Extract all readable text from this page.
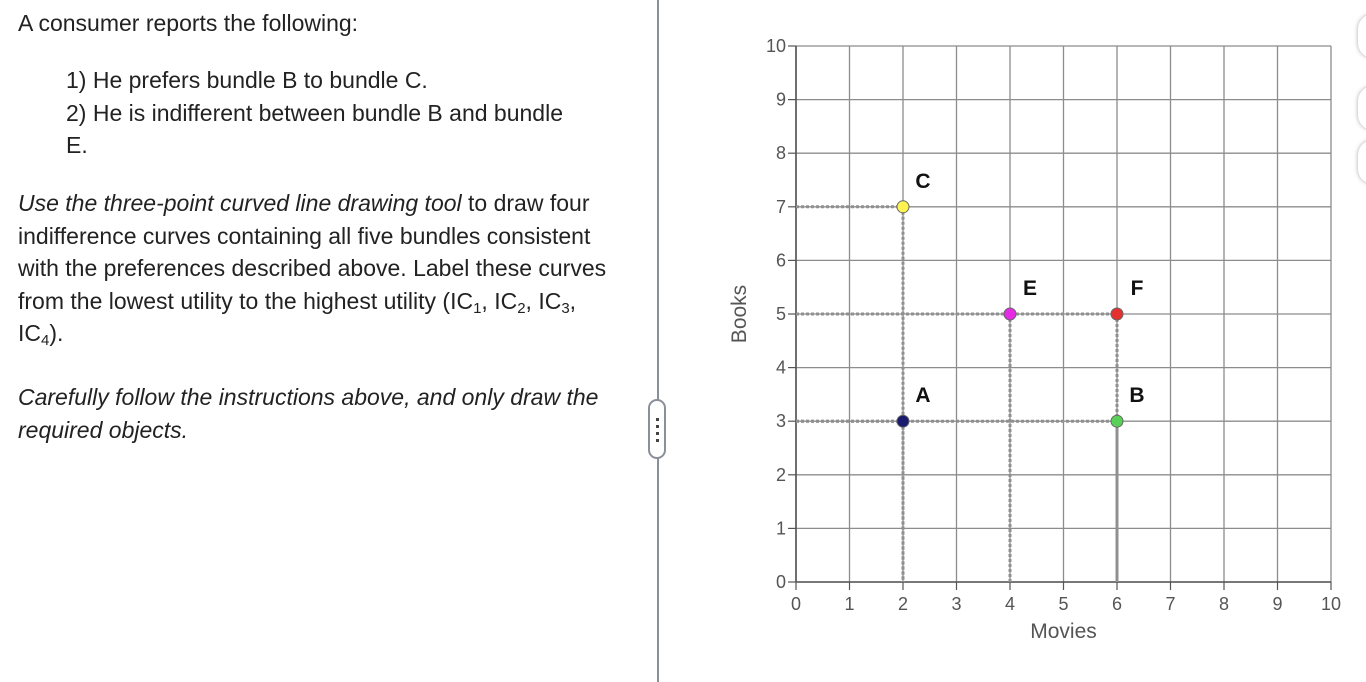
A consumer reports the following:
1) He prefers bundle B to bundle C.
2) He is indifferent between bundle B and bundle E.
Use the three-point curved line drawing tool to draw four indifference curves containing all five bundles consistent with the preferences described above. Label these curves from the lowest utility to the highest utility ($IC_1$, $IC_2$, $IC_3$, $IC_4$).
Carefully follow the instructions above, and only draw the required objects.
0 1 2 3 4 5 6 7 8 9 10
0
1
2
3
4
5
6
7
8
9
10
Movies
Books
C
E	F
A	B
